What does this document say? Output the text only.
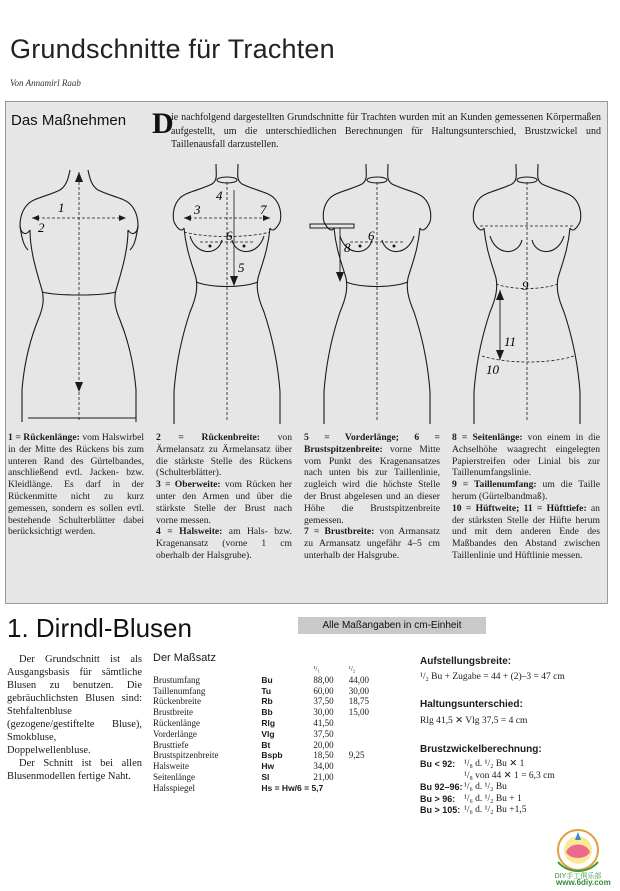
Grundschnitte für Trachten
Von Annamirl Raab
Das Maßnehmen D
ie nachfolgend dargestellten Grundschnitte für Trachten wurden mit an Kunden gemessenen Körpermaßen aufgestellt, um die unterschiedlichen Berechnungen für Haltungsunterschied, Brustzwickel und Taillenausfall darzustellen.
1
2
4
3	7
6
5
8
6
9
11
10

1 = Rückenlänge: vom Halswirbel in der Mitte des Rückens bis zum unteren Rand des Gürtelbandes, anschließend evtl. Jacken- bzw. Kleidlänge. Es darf in der Rückenmitte nicht zu kurz gemessen, sondern es sollen evtl. bestehende Schulterblätter dabei berücksichtigt werden.

2 = Rückenbreite: von Ärmelansatz zu Ärmelansatz über die stärkste Stelle des Rückens (Schulterblätter).

3 = Oberweite: vom Rücken her unter den Armen und über die stärkste Stelle der Brust nach vorne messen.

4 = Halsweite: am Hals- bzw. Kragenansatz (vorne 1 cm oberhalb der Halsgrube).

5 = Vorderlänge; 6 = Brustspitzenbreite: vorne Mitte vom Punkt des Kragenansatzes nach unten bis zur Taillenlinie, zugleich wird die höchste Stelle der Brust abgelesen und an dieser Höhe die Brustspitzenbreite gemessen.

7 = Brustbreite: von Armansatz zu Armansatz ungefähr 4–5 cm unterhalb der Halsgrube.

8 = Seitenlänge: von einem in die Achselhöhe waagrecht eingelegten Papierstreifen oder Linial bis zur Taillenumfangslinie.

9 = Taillenumfang: um die Taille herum (Gürtelbandmaß).

10 = Hüftweite; 11 = Hüfttiefe: an der stärksten Stelle der Hüfte herum und mit dem anderen Ende des Maßbandes den Abstand zwischen Taillenlinie und Hüftlinie messen.

1. Dirndl-Blusen	Alle Maßangaben in cm-Einheit

Der Grundschnitt ist als Ausgangsbasis für sämtliche Blusen zu benutzen. Die gebräuchlichsten Blusen sind: Stehfaltenbluse (gezogene/gestiftelte Bluse), Smokbluse, Doppelwellenbluse.

Der Schnitt ist bei allen Blusenmodellen fertige Naht.

Der Maßsatz
		¹/₁	¹/₂
Brustumfang	Bu	88,00	44,00
Taillenumfang	Tu	60,00	30,00
Rückenbreite	Rb	37,50	18,75
Brustbreite	Bb	30,00	15,00
Rückenlänge	Rlg	41,50	
Vorderlänge	Vlg	37,50	
Brusttiefe	Bt	20,00	
Brustspitzenbreite	Bspb	18,50	9,25
Halsweite	Hw	34,00	
Seitenlänge	Sl	21,00	
Halsspiegel	Hs = Hw/6 = 5,7		
Aufstellungsbreite:
¹/₂ Bu + Zugabe = 44 + (2)–3 = 47 cm
Haltungsunterschied:
Rlg 41,5 ✕ Vlg 37,5 = 4 cm
Brustzwickelberechnung:
Bu < 92:	¹/₈ d. ¹/₂ Bu ✕ 1
	¹/₈ von 44 ✕ 1 = 6,3 cm
Bu 92–96:	¹/₆ d. ¹/₂ Bu
Bu > 96:	¹/₆ d. ¹/₂ Bu + 1
Bu > 105:	¹/₆ d. ¹/₂ Bu +1,5
DIY手工俱乐部
www.6diy.com
